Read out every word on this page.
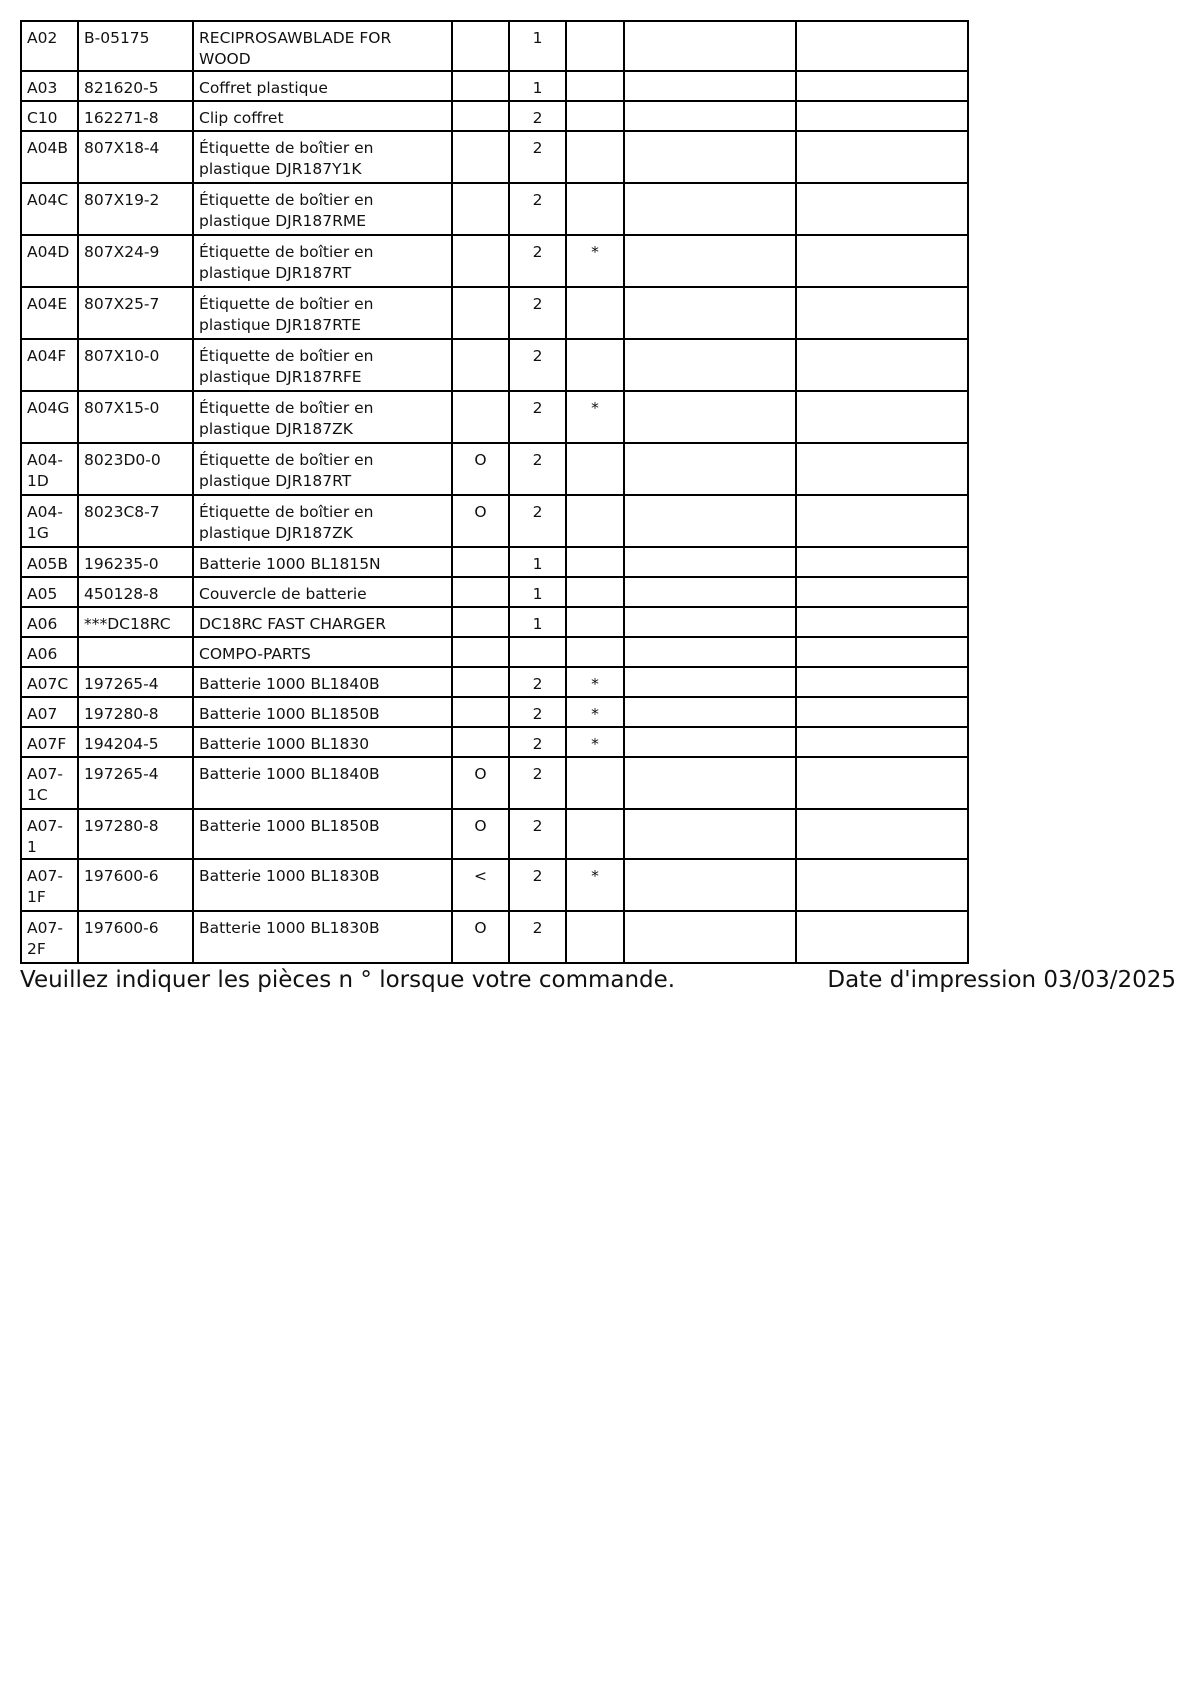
A02	B-05175	RECIPROSAWBLADE FOR WOOD		1			

A03	821620-5	Coffret plastique		1			

C10	162271-8	Clip coffret		2			

A04B	807X18-4	Étiquette de boîtier en plastique DJR187Y1K		2			

A04C	807X19-2	Étiquette de boîtier en plastique DJR187RME		2			

A04D	807X24-9	Étiquette de boîtier en plastique DJR187RT		2	*		

A04E	807X25-7	Étiquette de boîtier en plastique DJR187RTE		2			

A04F	807X10-0	Étiquette de boîtier en plastique DJR187RFE		2			

A04G	807X15-0	Étiquette de boîtier en plastique DJR187ZK		2	*		

A04-1D	8023D0-0	Étiquette de boîtier en plastique DJR187RT	O	2			

A04-1G	8023C8-7	Étiquette de boîtier en plastique DJR187ZK	O	2			

A05B	196235-0	Batterie 1000 BL1815N		1			

A05	450128-8	Couvercle de batterie		1			

A06	***DC18RC	DC18RC FAST CHARGER		1			

A06		COMPO-PARTS					

A07C	197265-4	Batterie 1000 BL1840B		2	*		

A07	197280-8	Batterie 1000 BL1850B		2	*		

A07F	194204-5	Batterie 1000 BL1830		2	*		

A07-1C	197265-4	Batterie 1000 BL1840B	O	2			

A07-1	197280-8	Batterie 1000 BL1850B	O	2			

A07-1F	197600-6	Batterie 1000 BL1830B	<	2	*		

A07-2F	197600-6	Batterie 1000 BL1830B	O	2			

Veuillez indiquer les pièces n ° lorsque votre commande.	Date d'impression 03/03/2025
